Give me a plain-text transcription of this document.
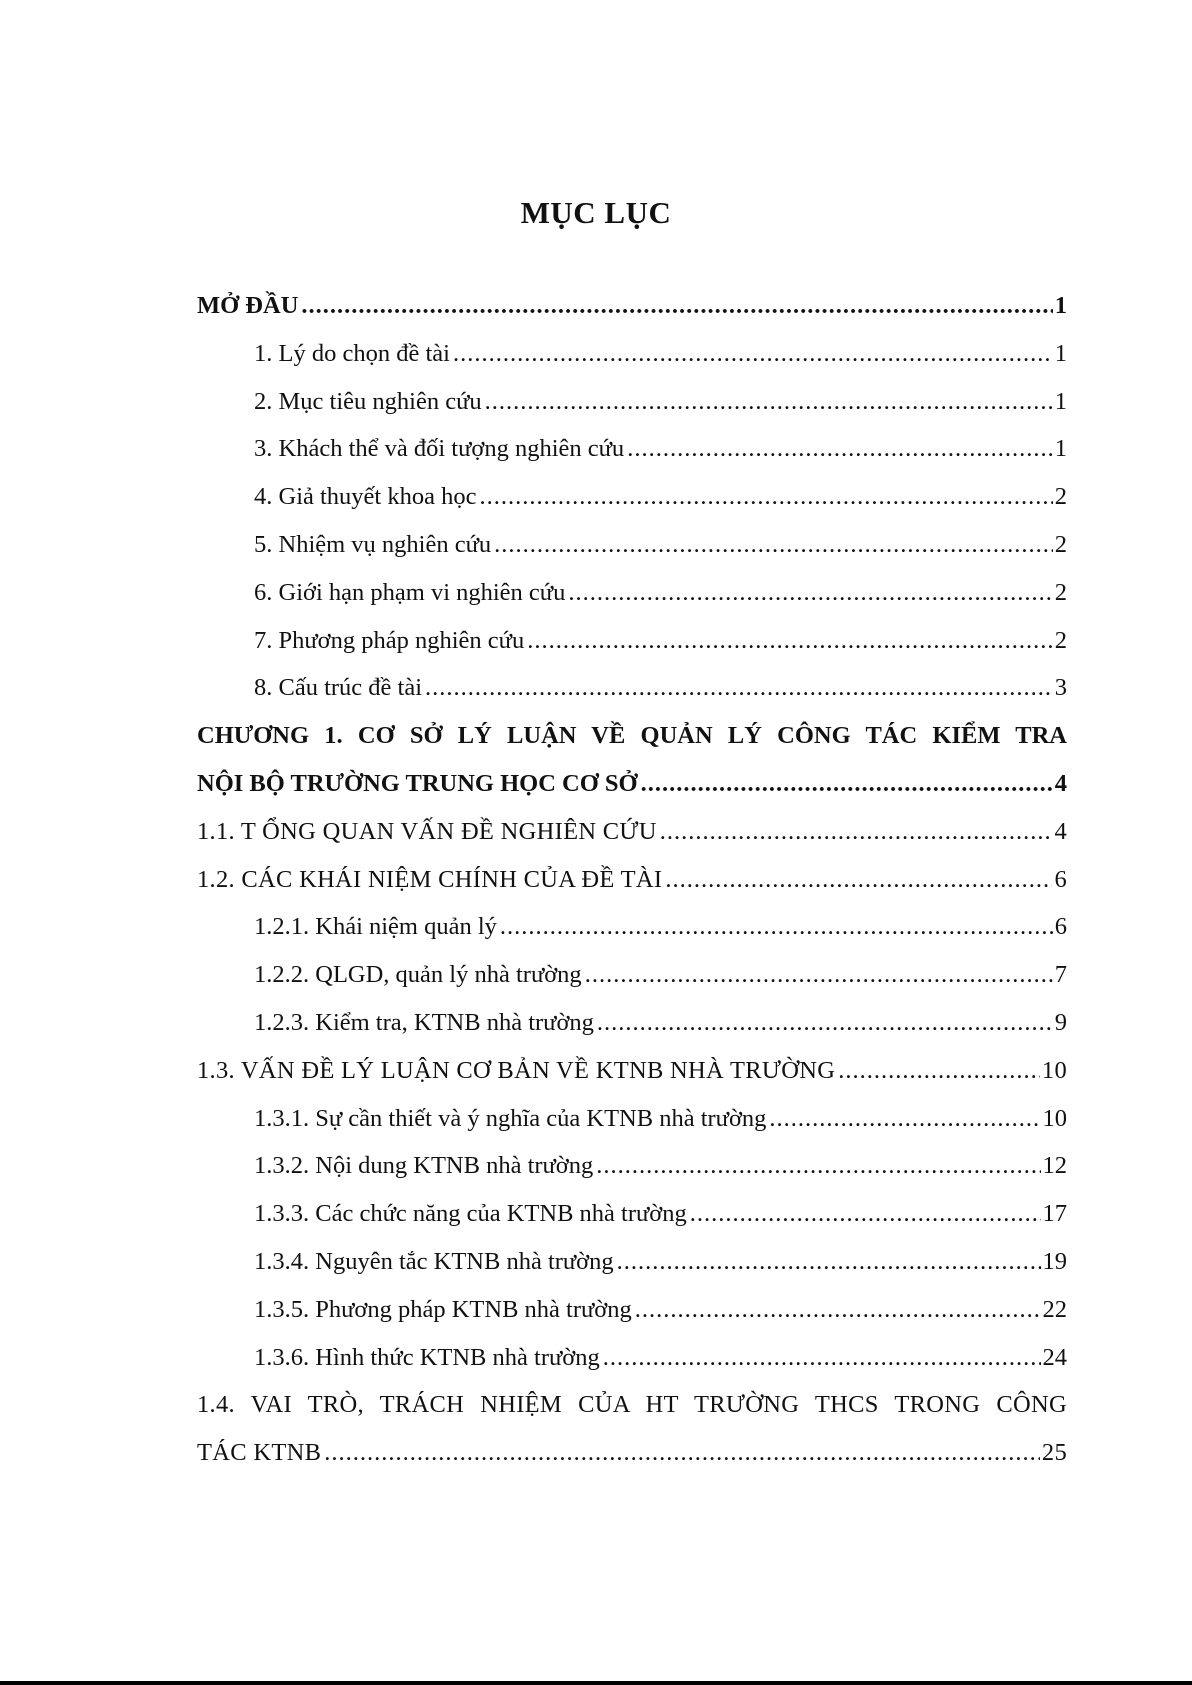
MỤC LỤC
MỞ ĐẦU .....	1
1. Lý do chọn đề tài .....	1
2. Mục tiêu nghiên cứu .....	1
3. Khách thể và đối tượng nghiên cứu .....	1
4. Giả thuyết khoa học .....	2
5. Nhiệm vụ nghiên cứu .....	2
6. Giới hạn phạm vi nghiên cứu .....	2
7. Phương pháp nghiên cứu .....	2
8. Cấu trúc đề tài .....	3
CHƯƠNG 1. CƠ SỞ LÝ LUẬN VỀ QUẢN LÝ CÔNG TÁC KIỂM TRA
NỘI BỘ TRƯỜNG TRUNG HỌC CƠ SỞ .....	4
1.1. T ỔNG QUAN VẤN ĐỀ NGHIÊN CỨU .....	4
1.2. CÁC KHÁI NIỆM CHÍNH CỦA ĐỀ TÀI .....	6
1.2.1. Khái niệm quản lý .....	6
1.2.2. QLGD, quản lý nhà trường .....	7
1.2.3. Kiểm tra, KTNB nhà trường .....	9
1.3. VẤN ĐỀ LÝ LUẬN CƠ BẢN VỀ KTNB NHÀ TRƯỜNG .....	10
1.3.1. Sự cần thiết và ý nghĩa của KTNB nhà trường .....	10
1.3.2. Nội dung KTNB nhà trường .....	12
1.3.3. Các chức năng của KTNB nhà trường .....	17
1.3.4. Nguyên tắc KTNB nhà trường .....	19
1.3.5. Phương pháp KTNB nhà trường .....	22
1.3.6. Hình thức KTNB nhà trường .....	24
1.4. VAI TRÒ, TRÁCH NHIỆM CỦA HT TRƯỜNG THCS TRONG CÔNG
TÁC KTNB .....	25
